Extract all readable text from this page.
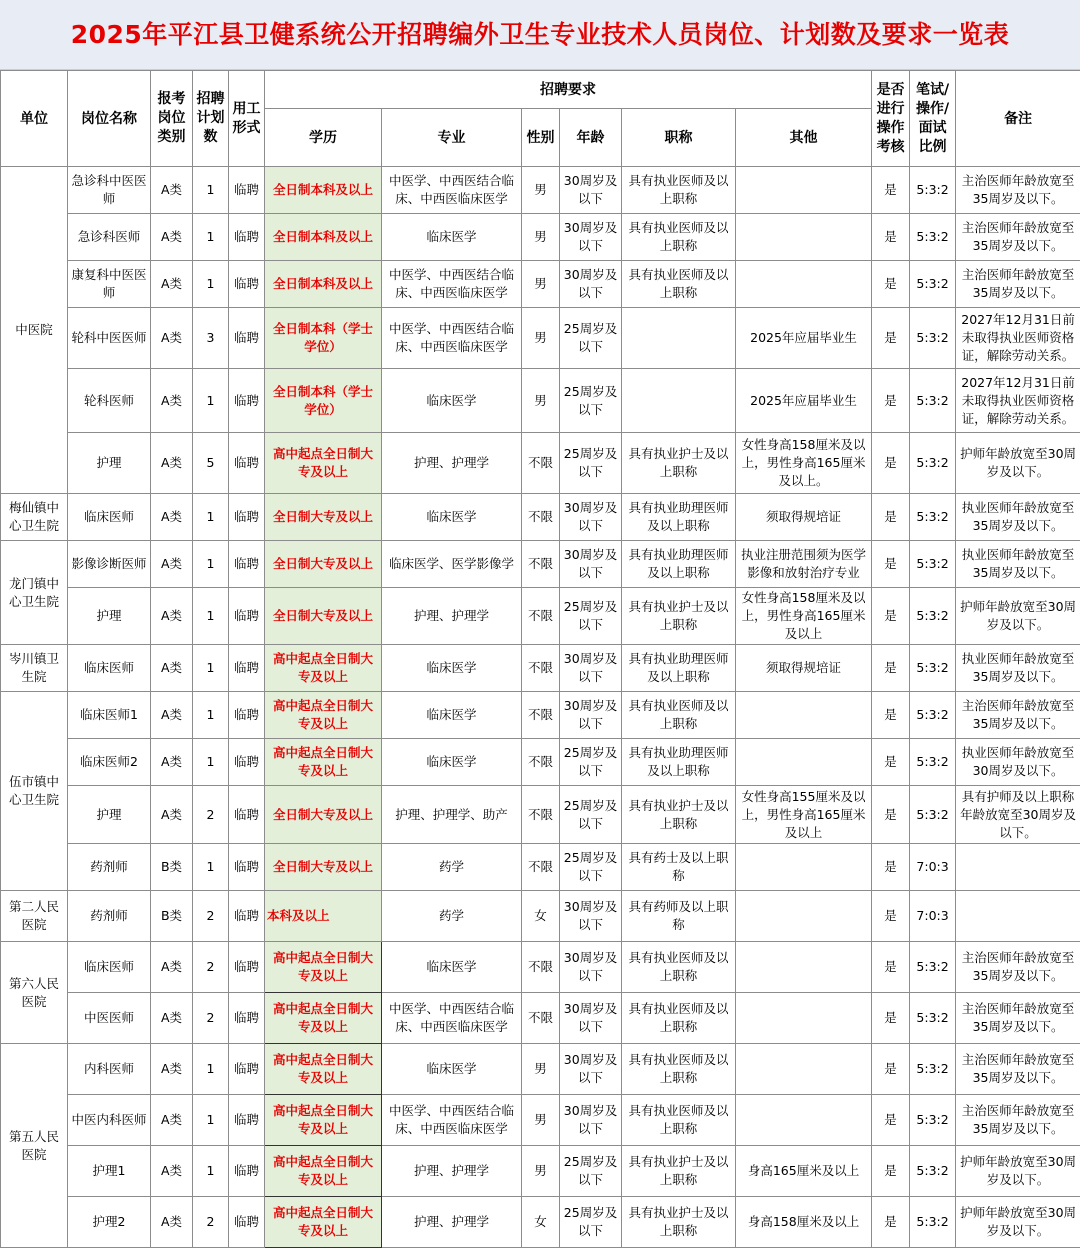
2025年平江县卫健系统公开招聘编外卫生专业技术人员岗位、计划数及要求一览表
单位	岗位名称	报考岗位类别	招聘计划数	用工形式	招聘要求						是否进行操作考核	笔试/操作/面试比例	备注
					学历	专业	性别	年龄	职称	其他			
中医院	急诊科中医医师	A类	1	临聘	全日制本科及以上	中医学、中西医结合临床、中西医临床医学	男	30周岁及以下	具有执业医师及以上职称		是	5:3:2	主治医师年龄放宽至35周岁及以下。
	急诊科医师	A类	1	临聘	全日制本科及以上	临床医学	男	30周岁及以下	具有执业医师及以上职称		是	5:3:2	主治医师年龄放宽至35周岁及以下。
	康复科中医医师	A类	1	临聘	全日制本科及以上	中医学、中西医结合临床、中西医临床医学	男	30周岁及以下	具有执业医师及以上职称		是	5:3:2	主治医师年龄放宽至35周岁及以下。
	轮科中医医师	A类	3	临聘	全日制本科（学士学位）	中医学、中西医结合临床、中西医临床医学	男	25周岁及以下		2025年应届毕业生	是	5:3:2	2027年12月31日前未取得执业医师资格证，解除劳动关系。
	轮科医师	A类	1	临聘	全日制本科（学士学位）	临床医学	男	25周岁及以下		2025年应届毕业生	是	5:3:2	2027年12月31日前未取得执业医师资格证，解除劳动关系。
	护理	A类	5	临聘	高中起点全日制大专及以上	护理、护理学	不限	25周岁及以下	具有执业护士及以上职称	女性身高158厘米及以上，男性身高165厘米及以上。	是	5:3:2	护师年龄放宽至30周岁及以下。
梅仙镇中心卫生院	临床医师	A类	1	临聘	全日制大专及以上	临床医学	不限	30周岁及以下	具有执业助理医师及以上职称	须取得规培证	是	5:3:2	执业医师年龄放宽至35周岁及以下。
龙门镇中心卫生院	影像诊断医师	A类	1	临聘	全日制大专及以上	临床医学、医学影像学	不限	30周岁及以下	具有执业助理医师及以上职称	执业注册范围须为医学影像和放射治疗专业	是	5:3:2	执业医师年龄放宽至35周岁及以下。
	护理	A类	1	临聘	全日制大专及以上	护理、护理学	不限	25周岁及以下	具有执业护士及以上职称	女性身高158厘米及以上，男性身高165厘米及以上	是	5:3:2	护师年龄放宽至30周岁及以下。
岑川镇卫生院	临床医师	A类	1	临聘	高中起点全日制大专及以上	临床医学	不限	30周岁及以下	具有执业助理医师及以上职称	须取得规培证	是	5:3:2	执业医师年龄放宽至35周岁及以下。
伍市镇中心卫生院	临床医师1	A类	1	临聘	高中起点全日制大专及以上	临床医学	不限	30周岁及以下	具有执业医师及以上职称		是	5:3:2	主治医师年龄放宽至35周岁及以下。
	临床医师2	A类	1	临聘	高中起点全日制大专及以上	临床医学	不限	25周岁及以下	具有执业助理医师及以上职称		是	5:3:2	执业医师年龄放宽至30周岁及以下。
	护理	A类	2	临聘	全日制大专及以上	护理、护理学、助产	不限	25周岁及以下	具有执业护士及以上职称	女性身高155厘米及以上，男性身高165厘米及以上	是	5:3:2	具有护师及以上职称年龄放宽至30周岁及以下。
	药剂师	B类	1	临聘	全日制大专及以上	药学	不限	25周岁及以下	具有药士及以上职称		是	7:0:3	
第二人民医院	药剂师	B类	2	临聘	本科及以上	药学	女	30周岁及以下	具有药师及以上职称		是	7:0:3	
第六人民医院	临床医师	A类	2	临聘	高中起点全日制大专及以上	临床医学	不限	30周岁及以下	具有执业医师及以上职称		是	5:3:2	主治医师年龄放宽至35周岁及以下。
	中医医师	A类	2	临聘	高中起点全日制大专及以上	中医学、中西医结合临床、中西医临床医学	不限	30周岁及以下	具有执业医师及以上职称		是	5:3:2	主治医师年龄放宽至35周岁及以下。
第五人民医院	内科医师	A类	1	临聘	高中起点全日制大专及以上	临床医学	男	30周岁及以下	具有执业医师及以上职称		是	5:3:2	主治医师年龄放宽至35周岁及以下。
	中医内科医师	A类	1	临聘	高中起点全日制大专及以上	中医学、中西医结合临床、中西医临床医学	男	30周岁及以下	具有执业医师及以上职称		是	5:3:2	主治医师年龄放宽至35周岁及以下。
	护理1	A类	1	临聘	高中起点全日制大专及以上	护理、护理学	男	25周岁及以下	具有执业护士及以上职称	身高165厘米及以上	是	5:3:2	护师年龄放宽至30周岁及以下。
	护理2	A类	2	临聘	高中起点全日制大专及以上	护理、护理学	女	25周岁及以下	具有执业护士及以上职称	身高158厘米及以上	是	5:3:2	护师年龄放宽至30周岁及以下。
